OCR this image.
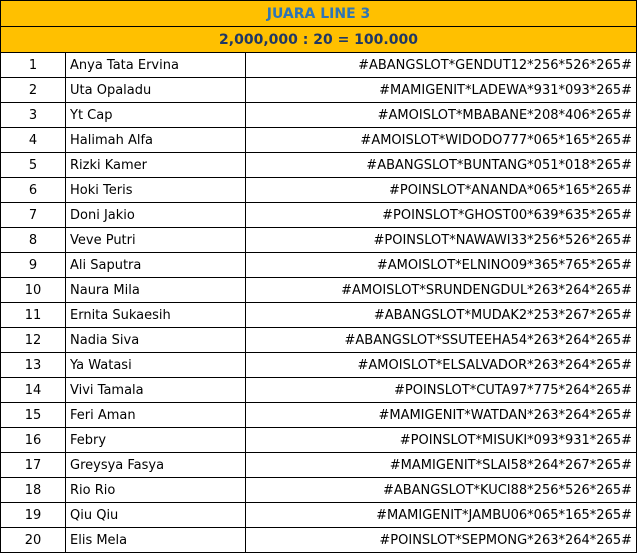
JUARA LINE 3		
2,000,000 : 20 = 100.000		
1	Anya Tata Ervina	#ABANGSLOT*GENDUT12*256*526*265#
2	Uta Opaladu	#MAMIGENIT*LADEWA*931*093*265#
3	Yt Cap	#AMOISLOT*MBABANE*208*406*265#
4	Halimah Alfa	#AMOISLOT*WIDODO777*065*165*265#
5	Rizki Kamer	#ABANGSLOT*BUNTANG*051*018*265#
6	Hoki Teris	#POINSLOT*ANANDA*065*165*265#
7	Doni Jakio	#POINSLOT*GHOST00*639*635*265#
8	Veve Putri	#POINSLOT*NAWAWI33*256*526*265#
9	Ali Saputra	#AMOISLOT*ELNINO09*365*765*265#
10	Naura Mila	#AMOISLOT*SRUNDENGDUL*263*264*265#
11	Ernita Sukaesih	#ABANGSLOT*MUDAK2*253*267*265#
12	Nadia Siva	#ABANGSLOT*SSUTEEHA54*263*264*265#
13	Ya Watasi	#AMOISLOT*ELSALVADOR*263*264*265#
14	Vivi Tamala	#POINSLOT*CUTA97*775*264*265#
15	Feri Aman	#MAMIGENIT*WATDAN*263*264*265#
16	Febry	#POINSLOT*MISUKI*093*931*265#
17	Greysya Fasya	#MAMIGENIT*SLAI58*264*267*265#
18	Rio Rio	#ABANGSLOT*KUCI88*256*526*265#
19	Qiu Qiu	#MAMIGENIT*JAMBU06*065*165*265#
20	Elis Mela	#POINSLOT*SEPMONG*263*264*265#
